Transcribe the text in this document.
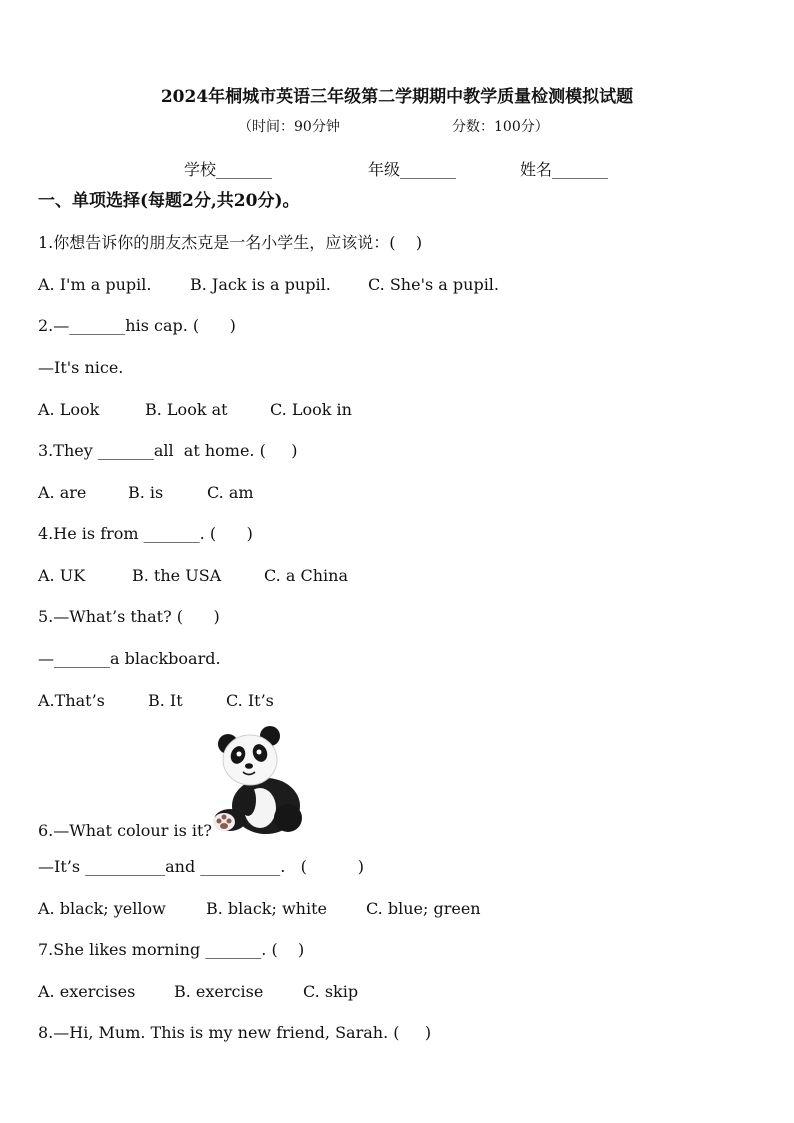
2024年桐城市英语三年级第二学期期中教学质量检测模拟试题
（时间：90分钟	分数：100分）
学校_______	年级_______	姓名_______
一、单项选择(每题2分,共20分)。
1.你想告诉你的朋友杰克是一名小学生，应该说：(    )
A. I'm a pupil. B. Jack is a pupil. C. She's a pupil.
2.—_______his cap. (      )
—It's nice.
A. Look	B. Look at	C. Look in
3.They _______all  at home. (     )
A. are	B. is	C. am
4.He is from _______. (      )
A. UK	B. the USA	C. a China
5.—What’s that? (      )
—_______a blackboard.
A.That’s	B. It	C. It’s
6.—What colour is it?
—It’s __________and __________.   (          )
A. black; yellow	B. black; white C. blue; green
7.She likes morning _______. (    )
A. exercises B. exercise C. skip
8.—Hi, Mum. This is my new friend, Sarah. (     )
